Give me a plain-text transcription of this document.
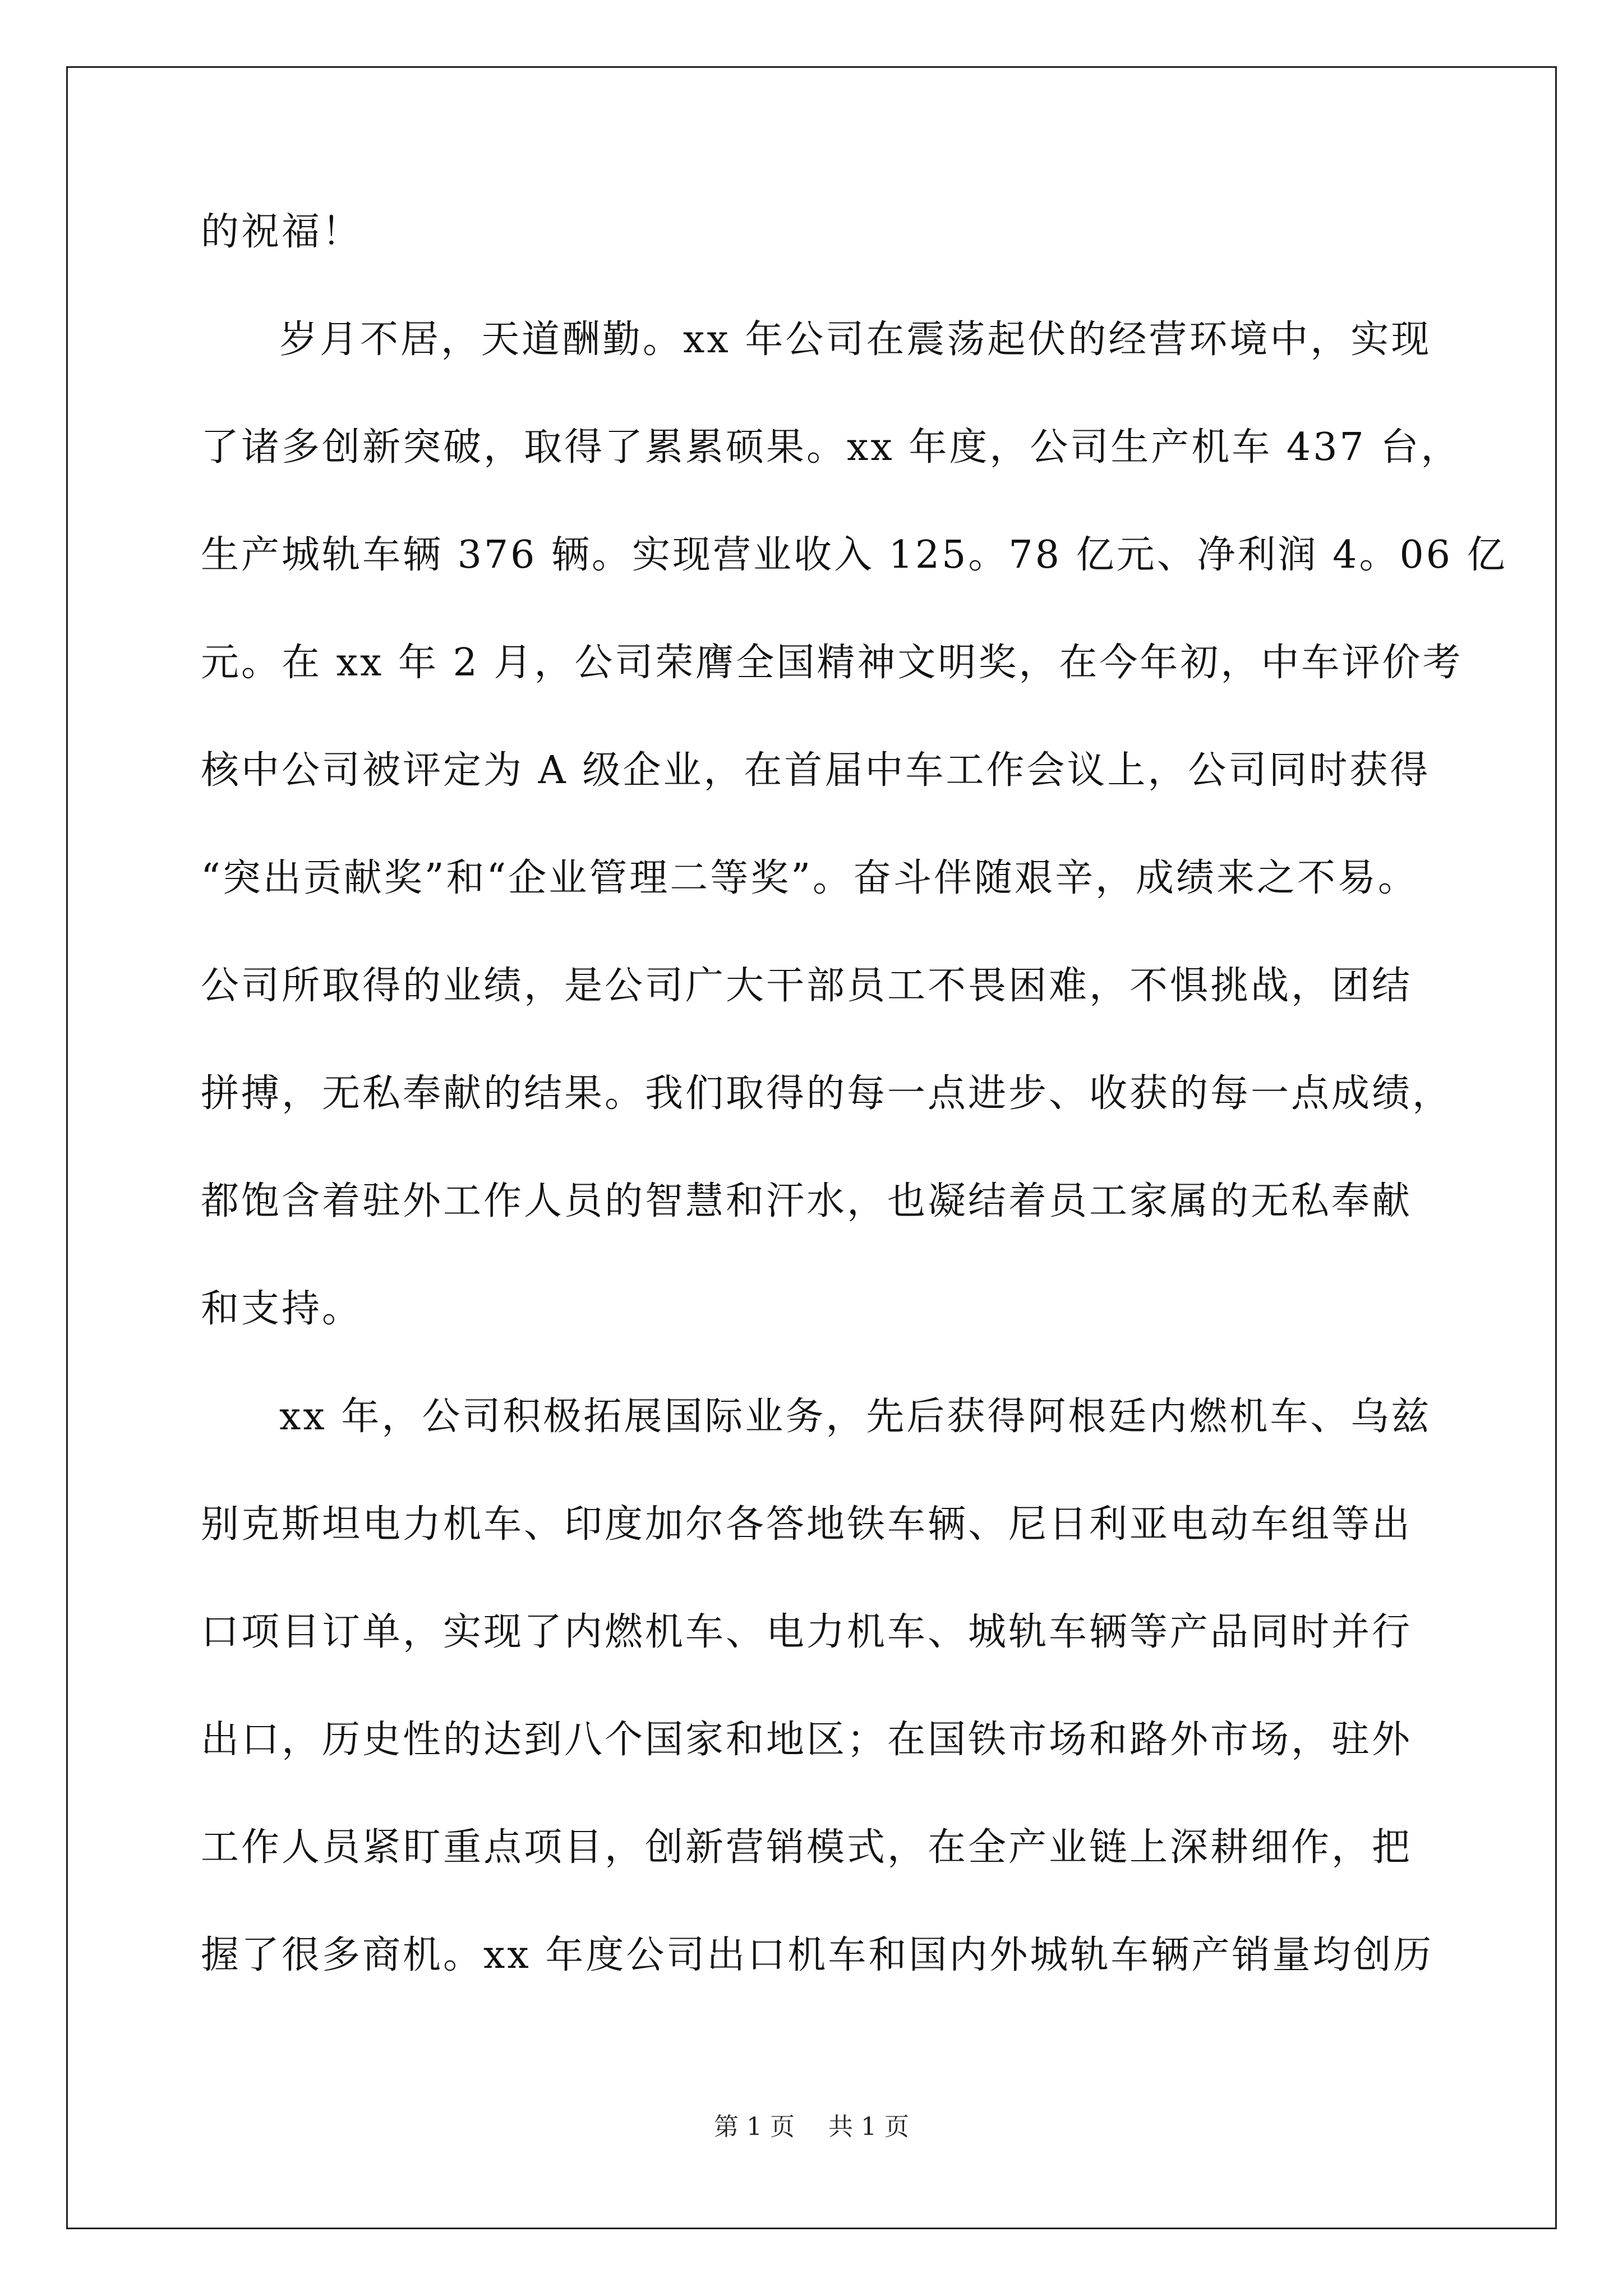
的祝福！
岁月不居，天道酬勤。xx 年公司在震荡起伏的经营环境中，实现
了诸多创新突破，取得了累累硕果。xx 年度，公司生产机车 437 台，
生产城轨车辆 376 辆。实现营业收入 125。78 亿元、净利润 4。06 亿
元。在 xx 年 2 月，公司荣膺全国精神文明奖，在今年初，中车评价考
核中公司被评定为 A 级企业，在首届中车工作会议上，公司同时获得
“突出贡献奖”和“企业管理二等奖”。奋斗伴随艰辛，成绩来之不易。
公司所取得的业绩，是公司广大干部员工不畏困难，不惧挑战，团结
拼搏，无私奉献的结果。我们取得的每一点进步、收获的每一点成绩，
都饱含着驻外工作人员的智慧和汗水，也凝结着员工家属的无私奉献
和支持。
xx 年，公司积极拓展国际业务，先后获得阿根廷内燃机车、乌兹
别克斯坦电力机车、印度加尔各答地铁车辆、尼日利亚电动车组等出
口项目订单，实现了内燃机车、电力机车、城轨车辆等产品同时并行
出口，历史性的达到八个国家和地区；在国铁市场和路外市场，驻外
工作人员紧盯重点项目，创新营销模式，在全产业链上深耕细作，把
握了很多商机。xx 年度公司出口机车和国内外城轨车辆产销量均创历
第 1 页 共 1 页
